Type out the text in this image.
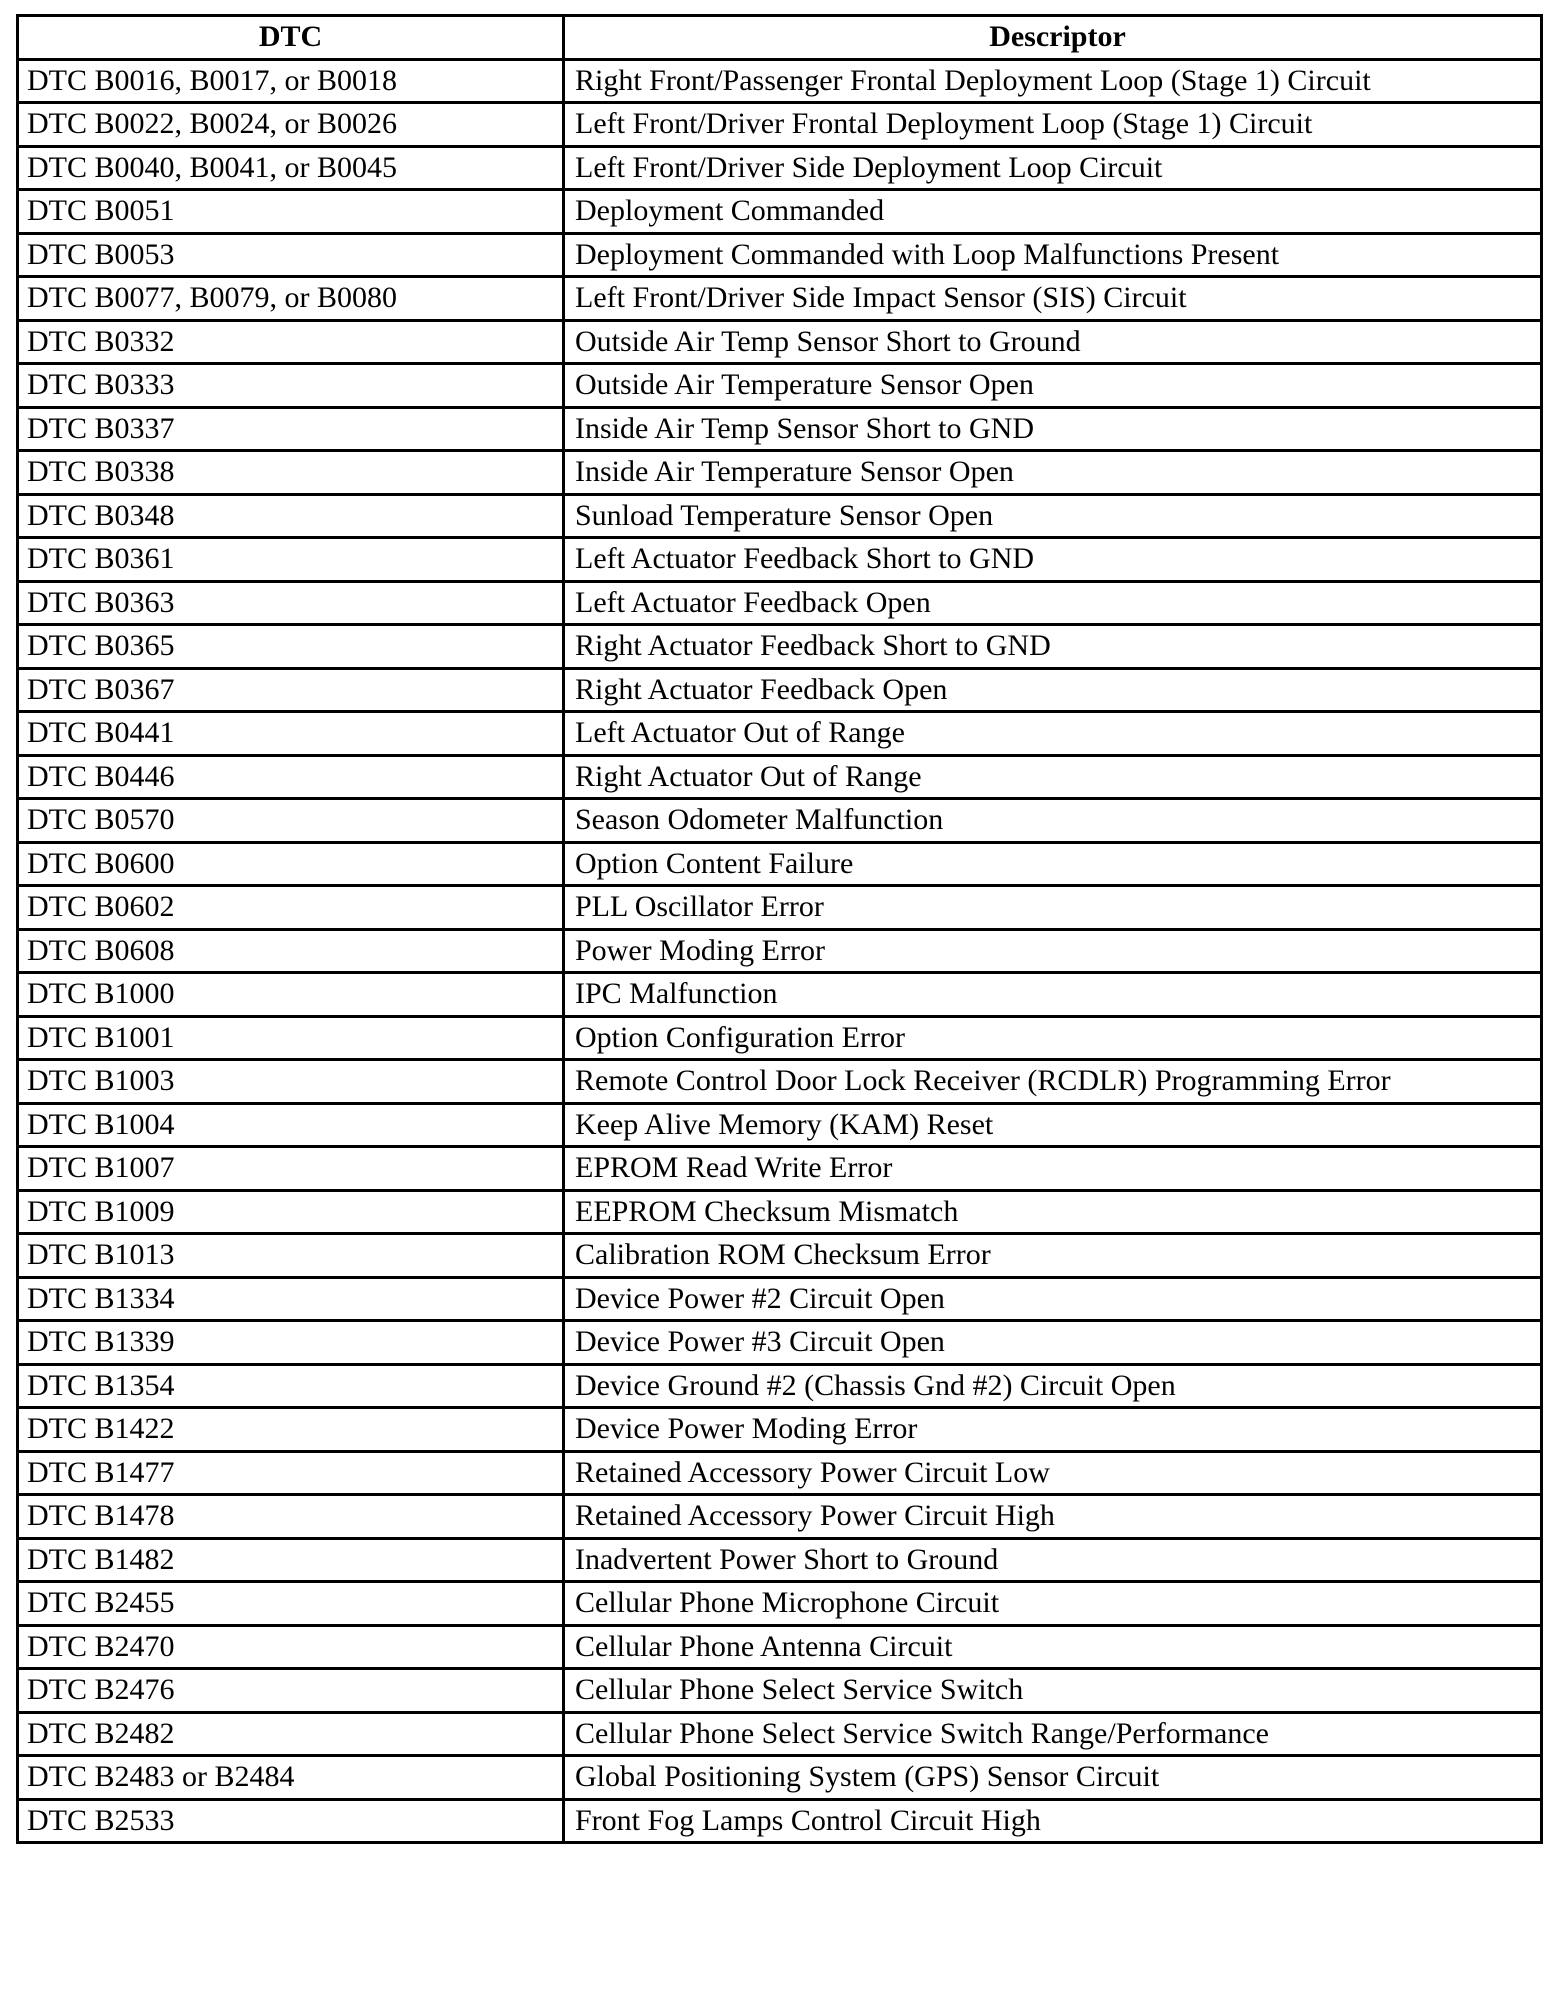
DTC	Descriptor
DTC B0016, B0017, or B0018	Right Front/Passenger Frontal Deployment Loop (Stage 1) Circuit
DTC B0022, B0024, or B0026	Left Front/Driver Frontal Deployment Loop (Stage 1) Circuit
DTC B0040, B0041, or B0045	Left Front/Driver Side Deployment Loop Circuit
DTC B0051	Deployment Commanded
DTC B0053	Deployment Commanded with Loop Malfunctions Present
DTC B0077, B0079, or B0080	Left Front/Driver Side Impact Sensor (SIS) Circuit
DTC B0332	Outside Air Temp Sensor Short to Ground
DTC B0333	Outside Air Temperature Sensor Open
DTC B0337	Inside Air Temp Sensor Short to GND
DTC B0338	Inside Air Temperature Sensor Open
DTC B0348	Sunload Temperature Sensor Open
DTC B0361	Left Actuator Feedback Short to GND
DTC B0363	Left Actuator Feedback Open
DTC B0365	Right Actuator Feedback Short to GND
DTC B0367	Right Actuator Feedback Open
DTC B0441	Left Actuator Out of Range
DTC B0446	Right Actuator Out of Range
DTC B0570	Season Odometer Malfunction
DTC B0600	Option Content Failure
DTC B0602	PLL Oscillator Error
DTC B0608	Power Moding Error
DTC B1000	IPC Malfunction
DTC B1001	Option Configuration Error
DTC B1003	Remote Control Door Lock Receiver (RCDLR) Programming Error
DTC B1004	Keep Alive Memory (KAM) Reset
DTC B1007	EPROM Read Write Error
DTC B1009	EEPROM Checksum Mismatch
DTC B1013	Calibration ROM Checksum Error
DTC B1334	Device Power #2 Circuit Open
DTC B1339	Device Power #3 Circuit Open
DTC B1354	Device Ground #2 (Chassis Gnd #2) Circuit Open
DTC B1422	Device Power Moding Error
DTC B1477	Retained Accessory Power Circuit Low
DTC B1478	Retained Accessory Power Circuit High
DTC B1482	Inadvertent Power Short to Ground
DTC B2455	Cellular Phone Microphone Circuit
DTC B2470	Cellular Phone Antenna Circuit
DTC B2476	Cellular Phone Select Service Switch
DTC B2482	Cellular Phone Select Service Switch Range/Performance
DTC B2483 or B2484	Global Positioning System (GPS) Sensor Circuit
DTC B2533	Front Fog Lamps Control Circuit High
